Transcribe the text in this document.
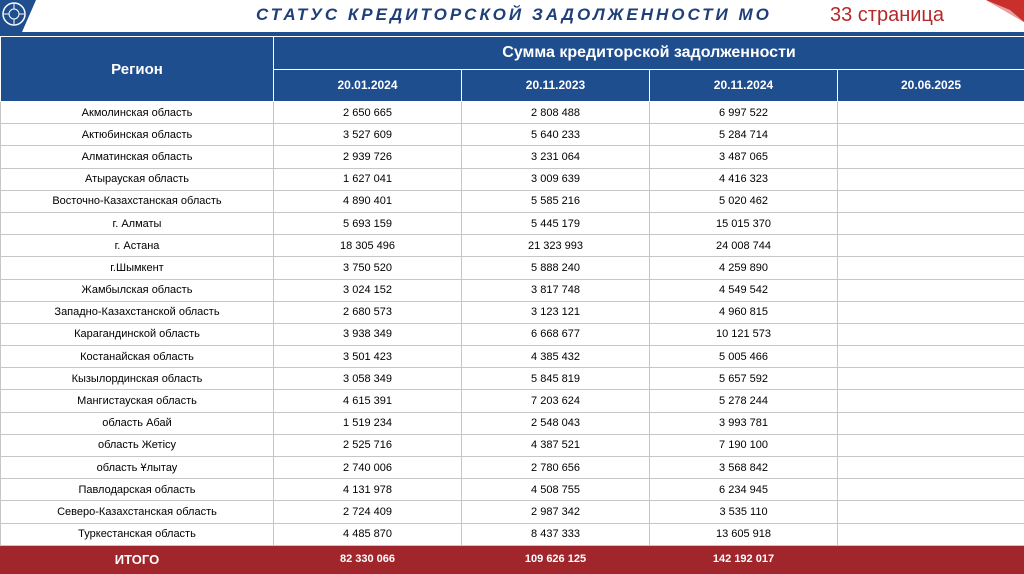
СТАТУС КРЕДИТОРСКОЙ ЗАДОЛЖЕННОСТИ МО	33 страница
Регион	Сумма кредиторской задолженности			
	20.01.2024	20.11.2023	20.11.2024	20.06.2025
Акмолинская область	2 650 665	2 808 488	6 997 522	
Актюбинская область	3 527 609	5 640 233	5 284 714	
Алматинская область	2 939 726	3 231 064	3 487 065	
Атырауская область	1 627 041	3 009 639	4 416 323	
Восточно-Казахстанская область	4 890 401	5 585 216	5 020 462	
г. Алматы	5 693 159	5 445 179	15 015 370	
г. Астана	18 305 496	21 323 993	24 008 744	
г.Шымкент	3 750 520	5 888 240	4 259 890	
Жамбылская область	3 024 152	3 817 748	4 549 542	
Западно-Казахстанской область	2 680 573	3 123 121	4 960 815	
Карагандинской область	3 938 349	6 668 677	10 121 573	
Костанайская область	3 501 423	4 385 432	5 005 466	
Кызылординская область	3 058 349	5 845 819	5 657 592	
Мангистауская область	4 615 391	7 203 624	5 278 244	
область Абай	1 519 234	2 548 043	3 993 781	
область Жетісу	2 525 716	4 387 521	7 190 100	
область Ұлытау	2 740 006	2 780 656	3 568 842	
Павлодарская область	4 131 978	4 508 755	6 234 945	
Северо-Казахстанская область	2 724 409	2 987 342	3 535 110	
Туркестанская область	4 485 870	8 437 333	13 605 918	
ИТОГО	82 330 066	109 626 125	142 192 017	
